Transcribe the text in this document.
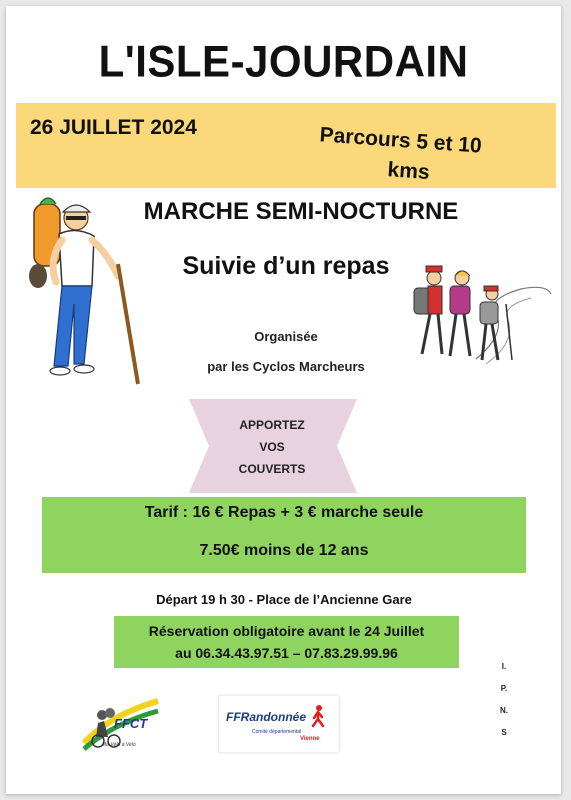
L'ISLE-JOURDAIN
26 JUILLET 2024	Parcours 5 et 10
kms
MARCHE SEMI-NOCTURNE
Suivie d’un repas
Organisée
par les Cyclos Marcheurs
APPORTEZ
VOS
COUVERTS
Tarif : 16 € Repas + 3 € marche seule
7.50€ moins de 12 ans
Départ 19 h 30 - Place de l’Ancienne Gare
Réservation obligatoire avant le 24 Juillet
au 06.34.43.97.51 – 07.83.29.99.96
I.
P.
N.
S
FFCT
Ma Vélo à Velo
FFRandonnée
Comité départemental
Vienne
